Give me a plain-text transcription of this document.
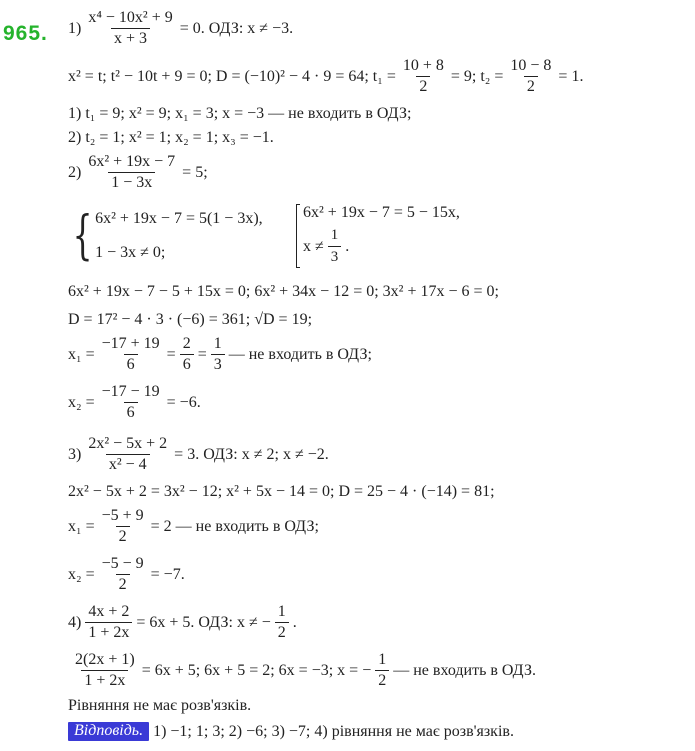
965. $1) \frac{\text{x⁴ − 10x² + 9}}{x + 3} = 0$. ОДЗ: x ≠ −3.
x² = t; t² − 10t + 9 = 0; D = (−10)² − 4 · 9 = 64; $t_1 = \frac{10 + 8}{2} = 9$; $t_2 = \frac{10 - 8}{2} = 1$.
1) t₁ = 9; x² = 9; x₁ = 3; x = −3 — не входить в ОДЗ;
2) t₂ = 1; x² = 1; x₂ = 1; x₃ = −1.
$2) \frac{\text{6x² + 19x − 7}}{1 - 3x} = 5$;
{ 6x² + 19x − 7 = 5(1 − 3x),
1 − 3x ≠ 0;
6x² + 19x − 7 = 5 − 15x,
x ≠
1
3
.
6x² + 19x − 7 − 5 + 15x = 0; 6x² + 34x − 12 = 0; 3x² + 17x − 6 = 0;
D = 17² − 4 · 3 · (−6) = 361; √D = 19;
$x_1 = \frac{-17 + 19}{6} = \frac{2}{6} = \frac{1}{3}$ — не входить в ОДЗ;
$x_2 = \frac{-17 - 19}{6} = -6$.
$3) \frac{\text{2x² − 5x + 2}}{\text{x² − 4}} = 3$. ОДЗ: x ≠ 2; x ≠ −2.
2x² − 5x + 2 = 3x² − 12; x² + 5x − 14 = 0; D = 25 − 4 · (−14) = 81;
$x_1 = \frac{-5 + 9}{2} = 2$ — не входить в ОДЗ;
$x_2 = \frac{-5 - 9}{2} = -7$.
$4) \frac{4x + 2}{1 + 2x} = 6x + 5$. ОДЗ: x ≠ − $\frac{1}{2}$ .
$\frac{2(2x + 1)}{1 + 2x} = 6x + 5$; 6x + 5 = 2; 6x = −3; x = − $\frac{1}{2}$ — не входить в ОДЗ.
Рівняння не має розв'язків.
Відповідь. 1) −1; 1; 3; 2) −6; 3) −7; 4) рівняння не має розв'язків.
